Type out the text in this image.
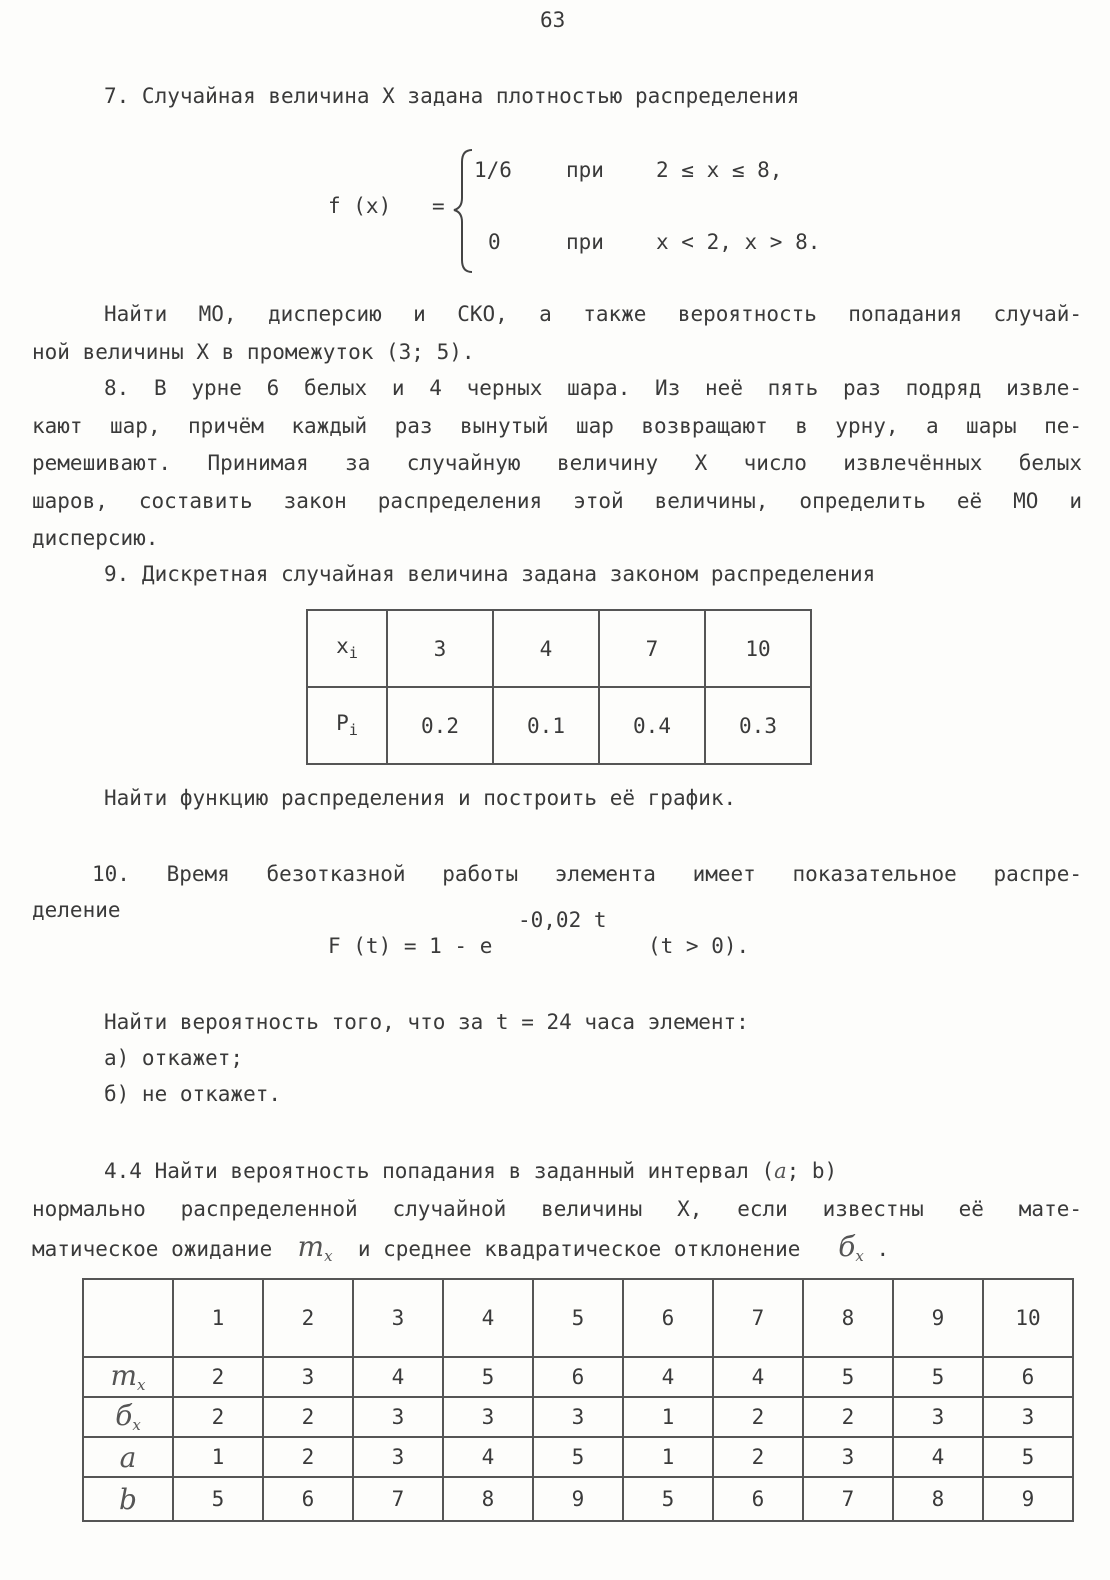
63
7. Случайная величина X задана плотностью распределения
f (x) =
1/6	при 2 ≤ x ≤ 8,
0	при x < 2, x > 8.
Найти МО, дисперсию и СКО, а также вероятность попадания случай-
ной величины X в промежуток (3; 5).
8. В урне 6 белых и 4 черных шара. Из неё пять раз подряд извле-
кают шар, причём каждый раз вынутый шар возвращают в урну, а шары пе-
ремешивают. Принимая за случайную величину X число извлечённых белых
шаров, составить закон распределения этой величины, определить её МО и
дисперсию.
9. Дискретная случайная величина задана законом распределения
$x_i$	3	4	7	10
$P_i$	0.2	0.1	0.4	0.3
Найти функцию распределения и построить её график.
10. Время безотказной работы элемента имеет показательное распре-
деление
F (t) = 1 - e
-0,02 t
(t > 0).
Найти вероятность того, что за t = 24 часа элемент:
а) откажет;
б) не откажет.
4.4 Найти вероятность попадания в заданный интервал (a; b)
нормально распределенной случайной величины X, если известны её мате-
матическое ожидание $m_x$ и среднее квадратическое отклонение $б_x$ .
	1	2	3	4	5	6	7	8	9	10
$m_x$	2	3	4	5	6	4	4	5	5	6
$б_x$	2	2	3	3	3	1	2	2	3	3
a	1	2	3	4	5	1	2	3	4	5
b	5	6	7	8	9	5	6	7	8	9
